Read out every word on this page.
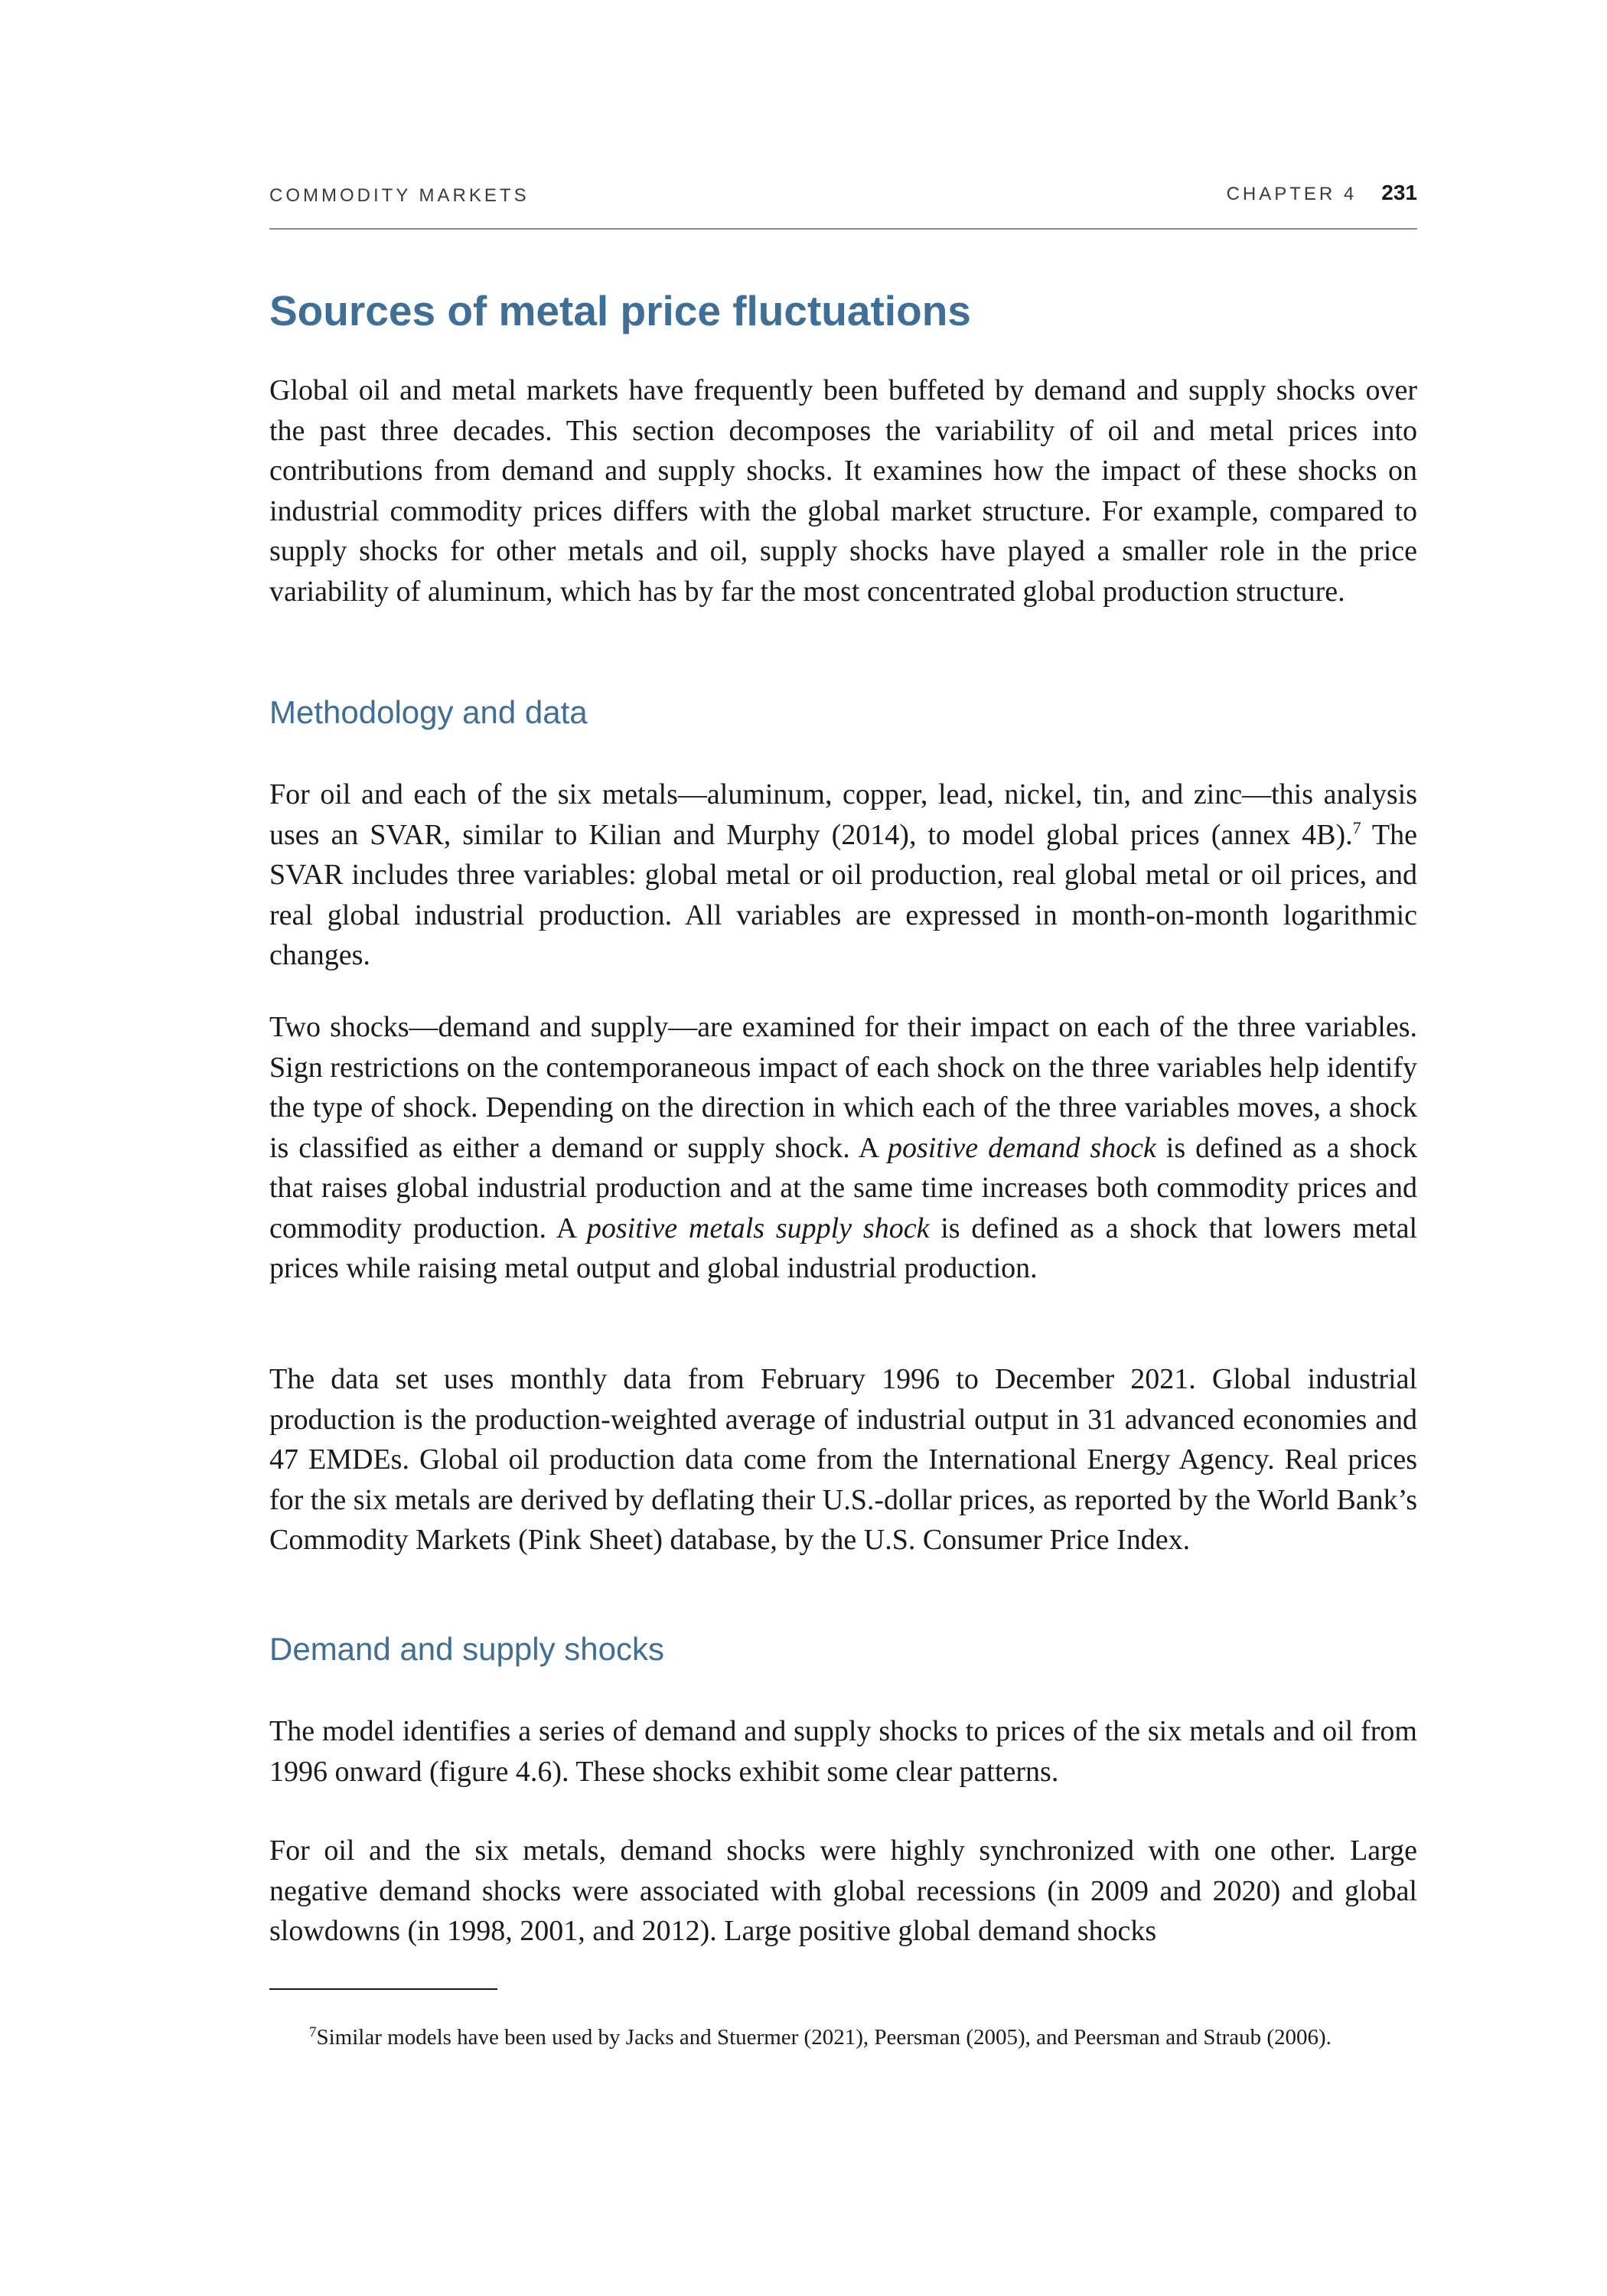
COMMODITY MARKETS	CHAPTER 4 231
Sources of metal price fluctuations

Global oil and metal markets have frequently been buffeted by demand and supply shocks over the past three decades. This section decomposes the variability of oil and metal prices into contributions from demand and supply shocks. It examines how the impact of these shocks on industrial commodity prices differs with the global market structure. For example, compared to supply shocks for other metals and oil, supply shocks have played a smaller role in the price variability of aluminum, which has by far the most concentrated global production structure.

Methodology and data

For oil and each of the six metals—aluminum, copper, lead, nickel, tin, and zinc—this analysis uses an SVAR, similar to Kilian and Murphy (2014), to model global prices (annex 4B).$^7$ The SVAR includes three variables: global metal or oil production, real global metal or oil prices, and real global industrial production. All variables are expressed in month-on-month logarithmic changes.

Two shocks—demand and supply—are examined for their impact on each of the three variables. Sign restrictions on the contemporaneous impact of each shock on the three variables help identify the type of shock. Depending on the direction in which each of the three variables moves, a shock is classified as either a demand or supply shock. A positive demand shock is defined as a shock that raises global industrial production and at the same time increases both commodity prices and commodity production. A positive metals supply shock is defined as a shock that lowers metal prices while raising metal output and global industrial production.

The data set uses monthly data from February 1996 to December 2021. Global industrial production is the production-weighted average of industrial output in 31 advanced economies and 47 EMDEs. Global oil production data come from the International Energy Agency. Real prices for the six metals are derived by deflating their U.S.-dollar prices, as reported by the World Bank’s Commodity Markets (Pink Sheet) database, by the U.S. Consumer Price Index.

Demand and supply shocks

The model identifies a series of demand and supply shocks to prices of the six metals and oil from 1996 onward (figure 4.6). These shocks exhibit some clear patterns.

For oil and the six metals, demand shocks were highly synchronized with one other. Large negative demand shocks were associated with global recessions (in 2009 and 2020) and global slowdowns (in 1998, 2001, and 2012). Large positive global demand shocks

$^7$Similar models have been used by Jacks and Stuermer (2021), Peersman (2005), and Peersman and Straub (2006).
